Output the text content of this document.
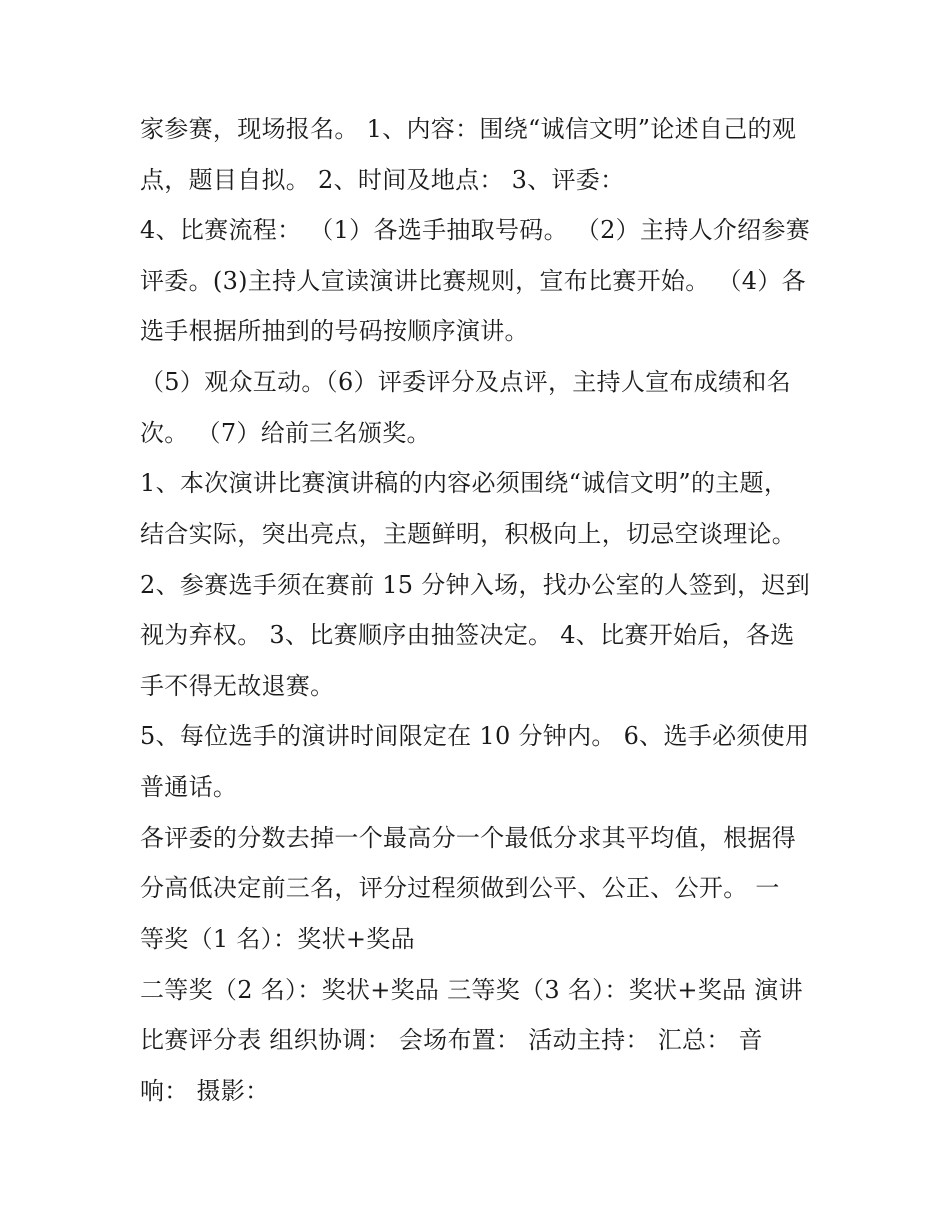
家参赛，现场报名。 1、内容：围绕“诚信文明”论述自己的观
点，题目自拟。 2、时间及地点： 3、评委：
4、比赛流程： （1）各选手抽取号码。 （2）主持人介绍参赛
评委。(3)主持人宣读演讲比赛规则，宣布比赛开始。 （4）各
选手根据所抽到的号码按顺序演讲。
（5）观众互动。（6）评委评分及点评，主持人宣布成绩和名
次。 （7）给前三名颁奖。
1、本次演讲比赛演讲稿的内容必须围绕“诚信文明”的主题，
结合实际，突出亮点，主题鲜明，积极向上，切忌空谈理论。
2、参赛选手须在赛前 15 分钟入场，找办公室的人签到，迟到
视为弃权。 3、比赛顺序由抽签决定。 4、比赛开始后，各选
手不得无故退赛。
5、每位选手的演讲时间限定在 10 分钟内。 6、选手必须使用
普通话。
各评委的分数去掉一个最高分一个最低分求其平均值，根据得
分高低决定前三名，评分过程须做到公平、公正、公开。 一
等奖（1 名）：奖状+奖品
二等奖（2 名）：奖状+奖品 三等奖（3 名）：奖状+奖品 演讲
比赛评分表 组织协调： 会场布置： 活动主持： 汇总： 音
响： 摄影：
